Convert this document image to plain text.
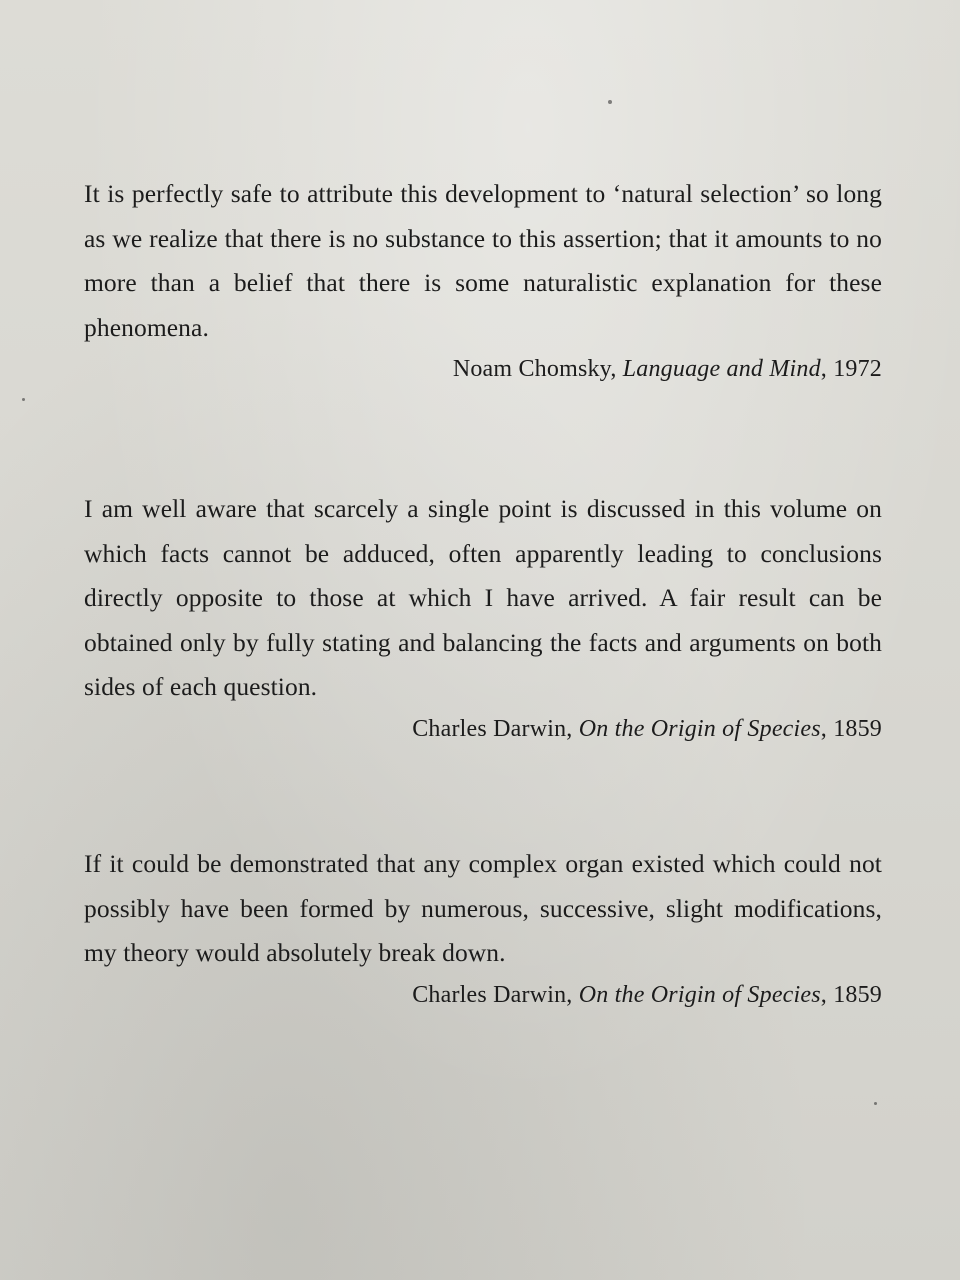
It is perfectly safe to attribute this development to ‘natural selection’ so long as we realize that there is no substance to this assertion; that it amounts to no more than a belief that there is some naturalistic explanation for these phenomena.

Noam Chomsky, Language and Mind, 1972

I am well aware that scarcely a single point is discussed in this volume on which facts cannot be adduced, often apparently leading to conclusions directly opposite to those at which I have arrived. A fair result can be obtained only by fully stating and balancing the facts and arguments on both sides of each question.

Charles Darwin, On the Origin of Species, 1859

If it could be demonstrated that any complex organ existed which could not possibly have been formed by numerous, successive, slight modifications, my theory would absolutely break down.

Charles Darwin, On the Origin of Species, 1859
